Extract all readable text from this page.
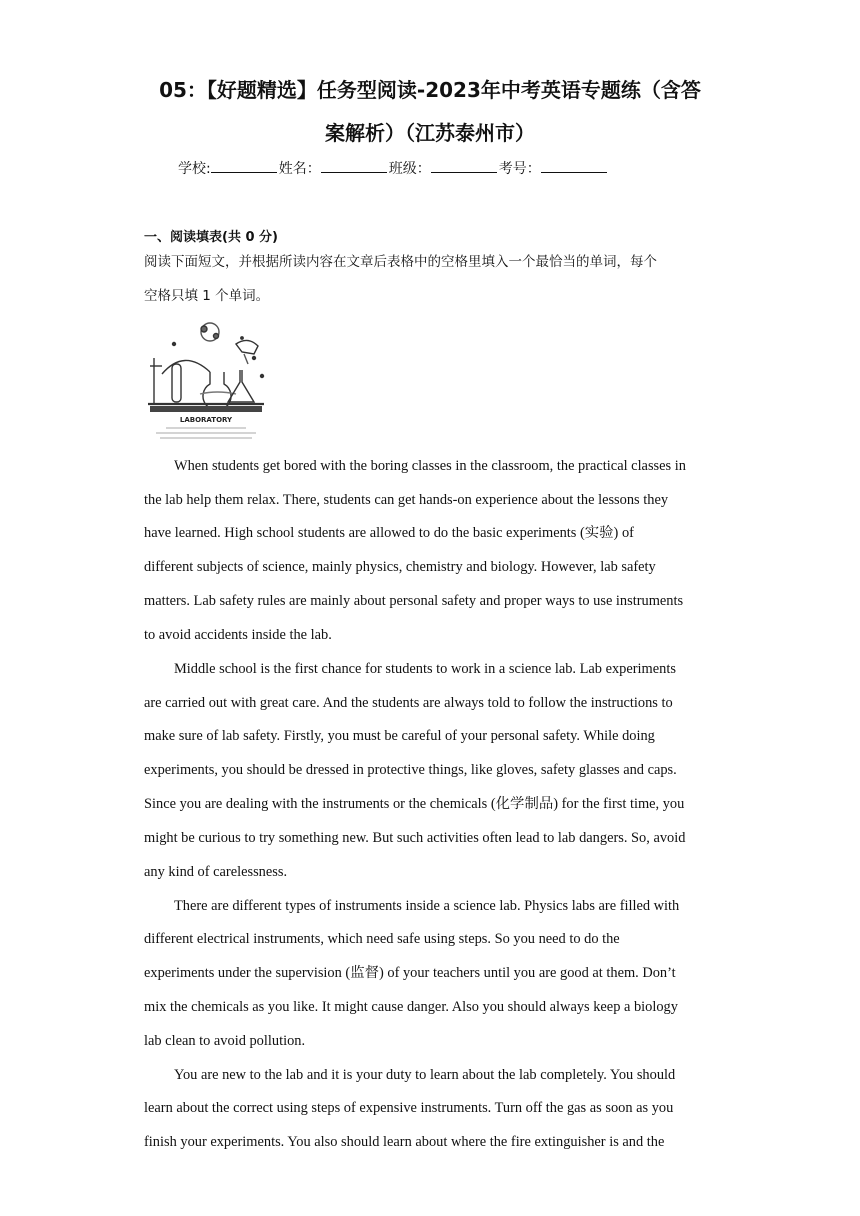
05：【好题精选】任务型阅读-2023年中考英语专题练（含答
案解析）（江苏泰州市）
学校:	姓名：	班级：	考号：
一、阅读填表(共 0 分)
阅读下面短文，并根据所读内容在文章后表格中的空格里填入一个最恰当的单词，每个
空格只填 1 个单词。
LABORATORY
When students get bored with the boring classes in the classroom, the practical classes in
the lab help them relax. There, students can get hands-on experience about the lessons they
have learned. High school students are allowed to do the basic experiments (实验) of
different subjects of science, mainly physics, chemistry and biology. However, lab safety
matters. Lab safety rules are mainly about personal safety and proper ways to use instruments
to avoid accidents inside the lab.
Middle school is the first chance for students to work in a science lab. Lab experiments
are carried out with great care. And the students are always told to follow the instructions to
make sure of lab safety. Firstly, you must be careful of your personal safety. While doing
experiments, you should be dressed in protective things, like gloves, safety glasses and caps.
Since you are dealing with the instruments or the chemicals (化学制品) for the first time, you
might be curious to try something new. But such activities often lead to lab dangers. So, avoid
any kind of carelessness.
There are different types of instruments inside a science lab. Physics labs are filled with
different electrical instruments, which need safe using steps. So you need to do the
experiments under the supervision (监督) of your teachers until you are good at them. Don’t
mix the chemicals as you like. It might cause danger. Also you should always keep a biology
lab clean to avoid pollution.
You are new to the lab and it is your duty to learn about the lab completely. You should
learn about the correct using steps of expensive instruments. Turn off the gas as soon as you
finish your experiments. You also should learn about where the fire extinguisher is and the
